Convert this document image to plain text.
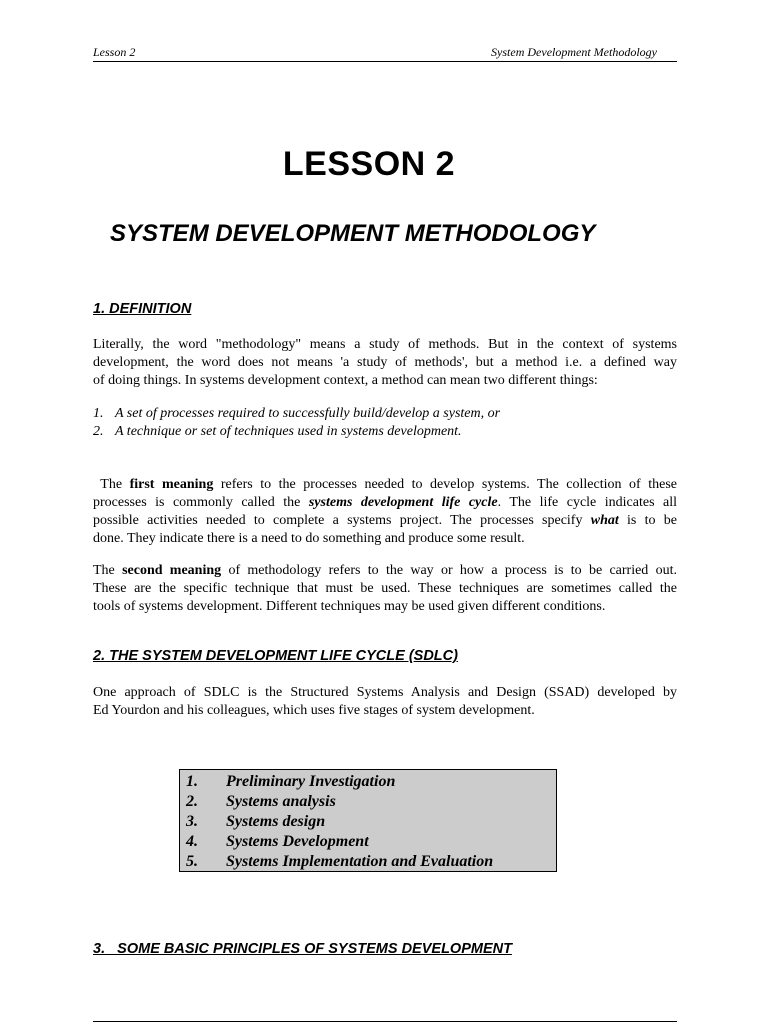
Lesson 2	System Development Methodology
LESSON 2
SYSTEM DEVELOPMENT METHODOLOGY
1. DEFINITION
Literally, the word "methodology" means a study of methods. But in the context of systems
development, the word does not means 'a study of methods', but a method i.e. a defined way
of doing things. In systems development context, a method can mean two different things:
1. A set of processes required to successfully build/develop a system, or
2. A technique or set of techniques used in systems development.
The first meaning refers to the processes needed to develop systems. The collection of these
processes is commonly called the systems development life cycle. The life cycle indicates all
possible activities needed to complete a systems project. The processes specify what is to be
done. They indicate there is a need to do something and produce some result.
The second meaning of methodology refers to the way or how a process is to be carried out.
These are the specific technique that must be used. These techniques are sometimes called the
tools of systems development. Different techniques may be used given different conditions.
2. THE SYSTEM DEVELOPMENT LIFE CYCLE (SDLC)
One approach of SDLC is the Structured Systems Analysis and Design (SSAD) developed by
Ed Yourdon and his colleagues, which uses five stages of system development.
1. Preliminary Investigation
2. Systems analysis
3. Systems design
4. Systems Development
5. Systems Implementation and Evaluation
3.   SOME BASIC PRINCIPLES OF SYSTEMS DEVELOPMENT
